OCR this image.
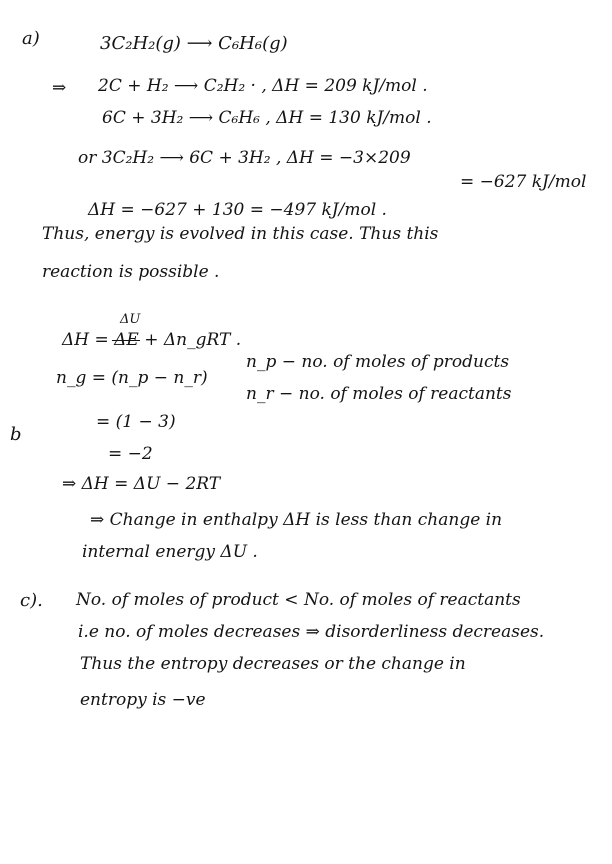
a)	3C₂H₂(g) ⟶ C₆H₆(g)
⇒ 2C + H₂ ⟶ C₂H₂ · , ΔH = 209 kJ/mol .
6C + 3H₂ ⟶ C₆H₆ , ΔH = 130 kJ/mol .
or 3C₂H₂ ⟶ 6C + 3H₂ , ΔH = −3×209
= −627 kJ/mol
ΔH = −627 + 130 = −497 kJ/mol .
Thus, energy is evolved in this case. Thus this
reaction is possible .
ΔU
ΔH = ΔE + Δn_gRT .
n_g = (n_p − n_r)
n_p − no. of moles of products
n_r − no. of moles of reactants
b
= (1 − 3)
= −2
⇒ ΔH = ΔU − 2RT
⇒ Change in enthalpy ΔH is less than change in
internal energy ΔU .
c). No. of moles of product < No. of moles of reactants
i.e no. of moles decreases ⇒ disorderliness decreases.
Thus the entropy decreases or the change in
entropy is −ve
